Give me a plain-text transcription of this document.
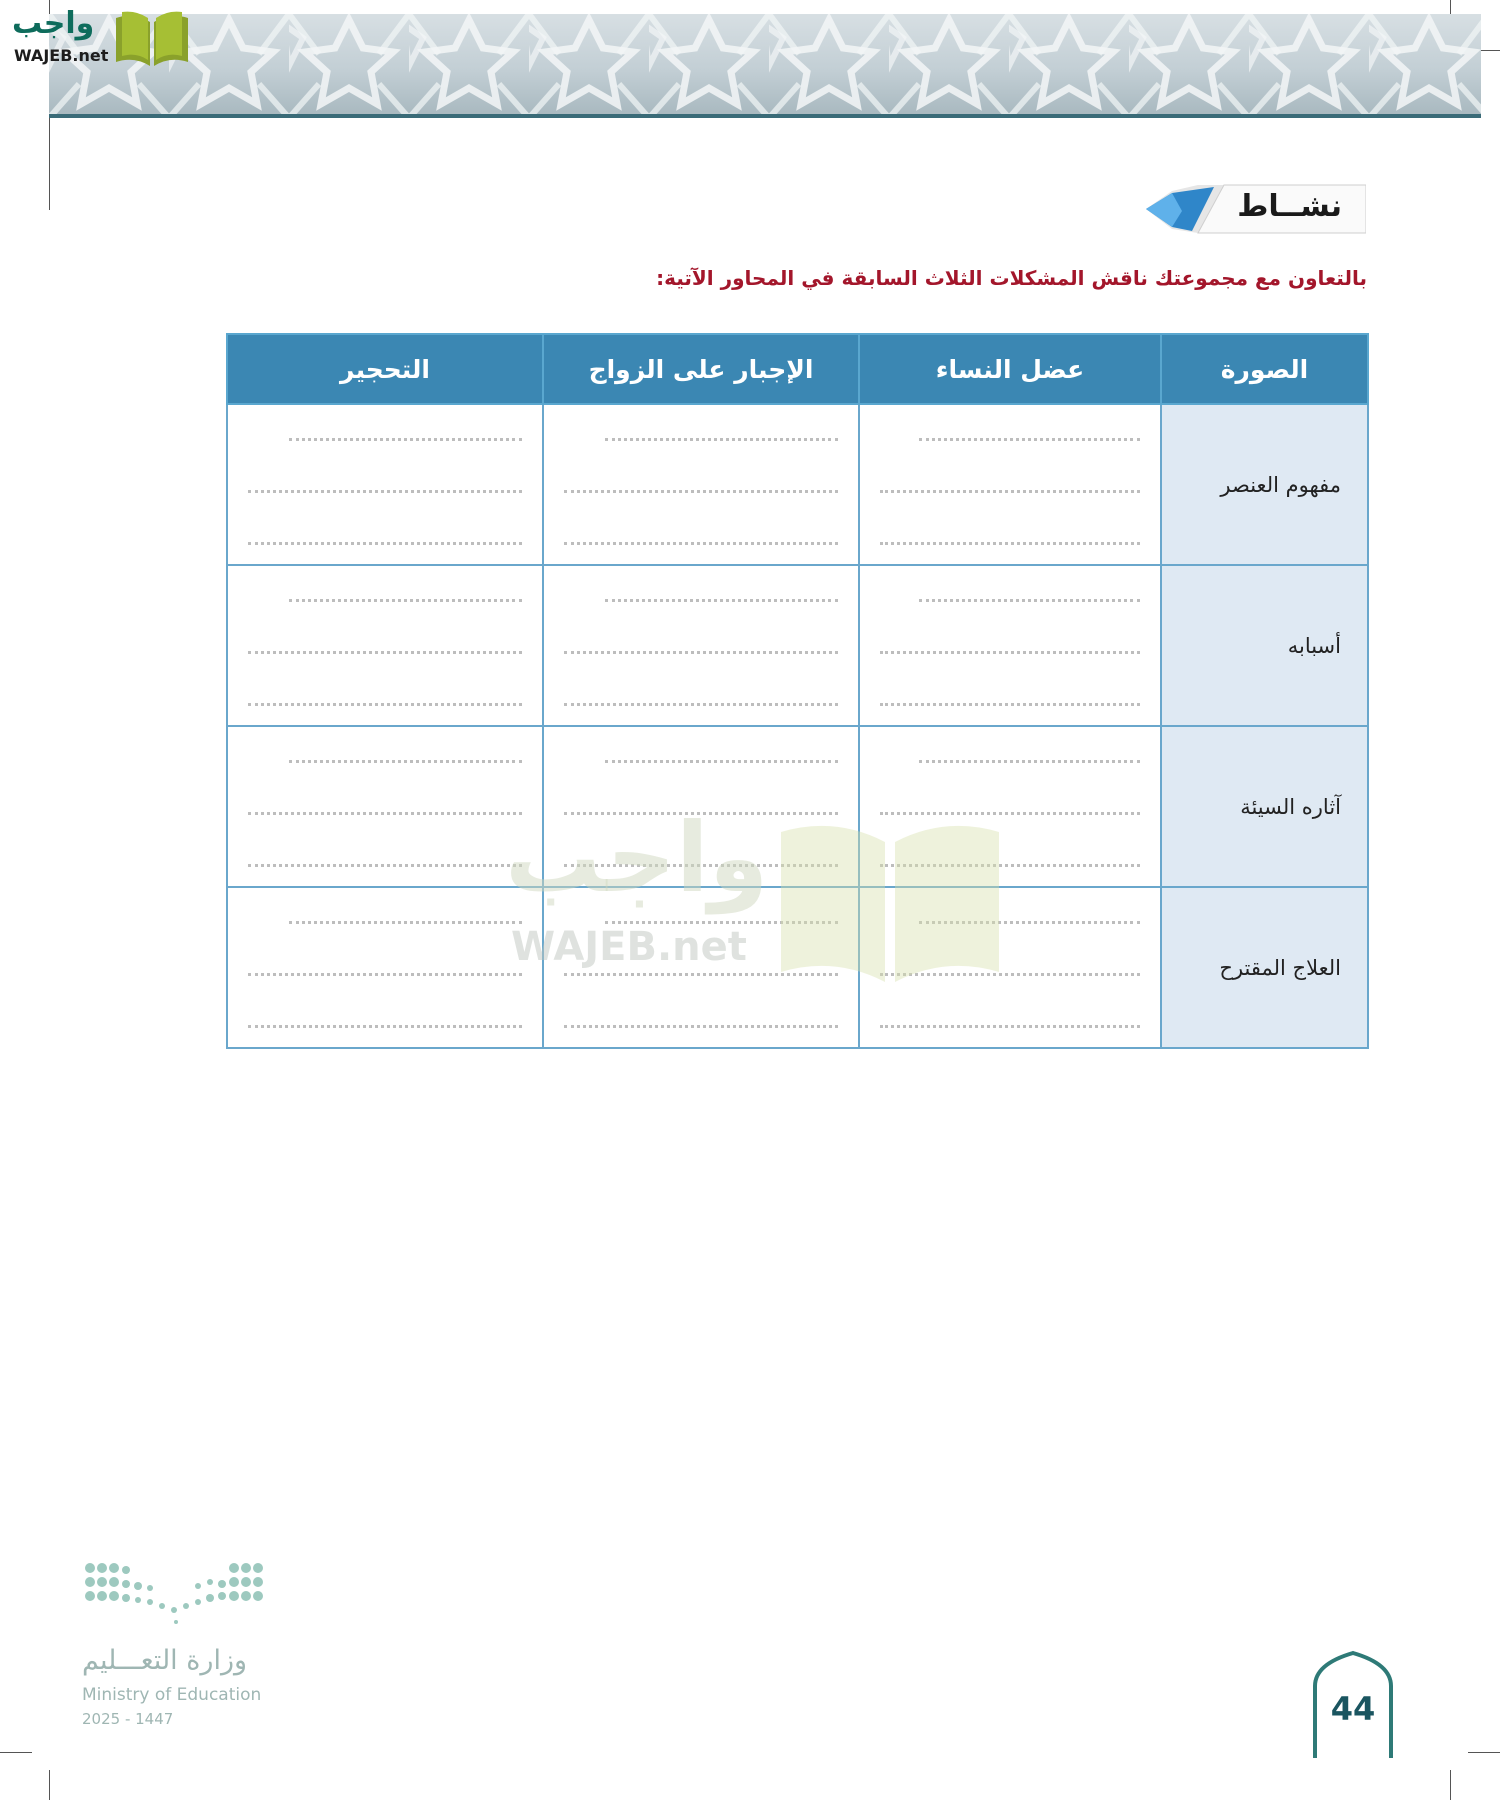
واجب
WAJEB.net
نشــاط
بالتعاون مع مجموعتك ناقش المشكلات الثلاث السابقة في المحاور الآتية:
الصورة	عضل النساء	الإجبار على الزواج	التحجير
مفهوم العنصر	

أسبابه	

آثاره السيئة	

العلاج المقترح	

واجب
WAJEB.net
وزارة التعـــليم
Ministry of Education
2025 - 1447	44
